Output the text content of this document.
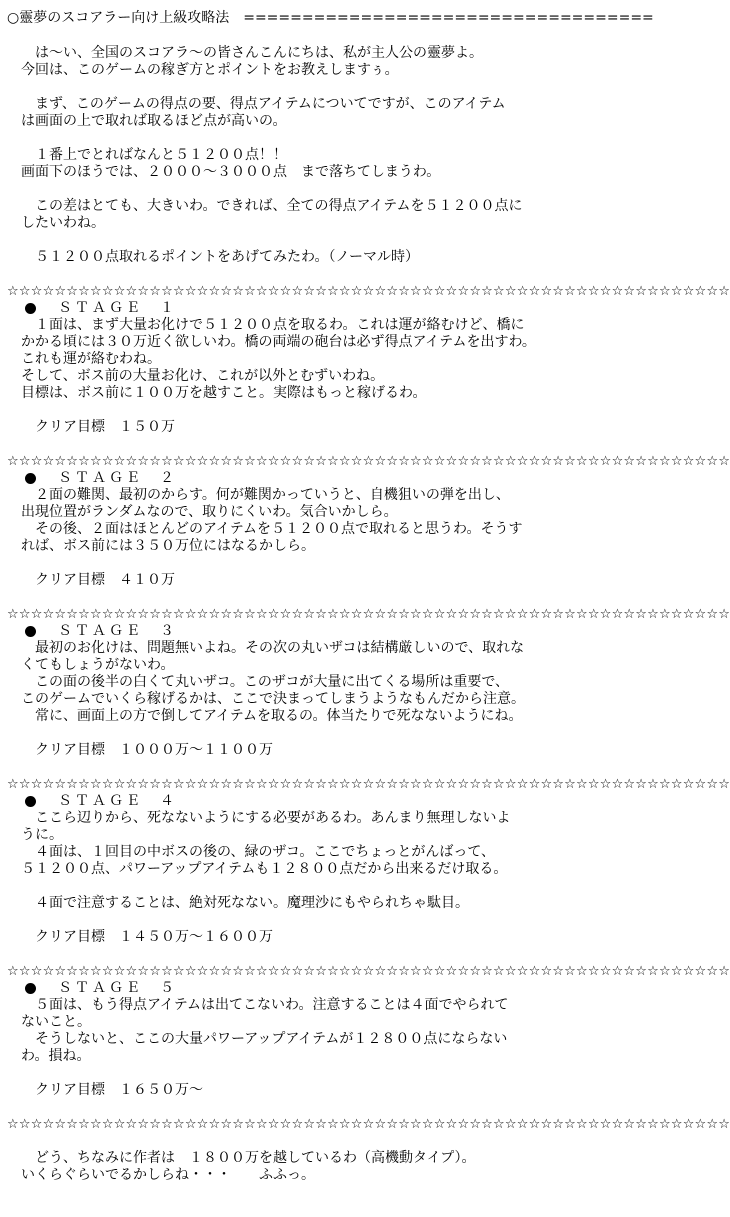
○靈夢のスコアラー向け上級攻略法　===================================
　　は～い、全国のスコアラ～の皆さんこんにちは、私が主人公の靈夢よ。
　今回は、このゲームの稼ぎ方とポイントをお教えしますぅ。
　　まず、このゲームの得点の要、得点アイテムについてですが、このアイテム
　は画面の上で取れば取るほど点が高いの。
　　１番上でとればなんと５１２００点！！
　画面下のほうでは、２０００～３０００点　まで落ちてしまうわ。
　　この差はとても、大きいわ。できれば、全ての得点アイテムを５１２００点に
　したいわね。
　　５１２００点取れるポイントをあげてみたわ。（ノーマル時）
☆☆☆☆☆☆☆☆☆☆☆☆☆☆☆☆☆☆☆☆☆☆☆☆☆☆☆☆☆☆☆☆☆☆☆☆☆☆☆☆☆☆☆☆☆☆☆☆☆☆☆☆☆☆☆☆☆☆☆☆☆
ＳＴＡＧＥ　１
　　１面は、まず大量お化けで５１２００点を取るわ。これは運が絡むけど、橋に
　かかる頃には３０万近く欲しいわ。橋の両端の砲台は必ず得点アイテムを出すわ。
　これも運が絡むわね。
　そして、ボス前の大量お化け、これが以外とむずいわね。
　目標は、ボス前に１００万を越すこと。実際はもっと稼げるわ。
　　クリア目標　１５０万
☆☆☆☆☆☆☆☆☆☆☆☆☆☆☆☆☆☆☆☆☆☆☆☆☆☆☆☆☆☆☆☆☆☆☆☆☆☆☆☆☆☆☆☆☆☆☆☆☆☆☆☆☆☆☆☆☆☆☆☆☆
ＳＴＡＧＥ　２
　　２面の難関、最初のからす。何が難関かっていうと、自機狙いの弾を出し、
　出現位置がランダムなので、取りにくいわ。気合いかしら。
　　その後、２面はほとんどのアイテムを５１２００点で取れると思うわ。そうす
　れば、ボス前には３５０万位にはなるかしら。
　　クリア目標　４１０万
☆☆☆☆☆☆☆☆☆☆☆☆☆☆☆☆☆☆☆☆☆☆☆☆☆☆☆☆☆☆☆☆☆☆☆☆☆☆☆☆☆☆☆☆☆☆☆☆☆☆☆☆☆☆☆☆☆☆☆☆☆
ＳＴＡＧＥ　３
　　最初のお化けは、問題無いよね。その次の丸いザコは結構厳しいので、取れな
　くてもしょうがないわ。
　　この面の後半の白くて丸いザコ。このザコが大量に出てくる場所は重要で、
　このゲームでいくら稼げるかは、ここで決まってしまうようなもんだから注意。
　　常に、画面上の方で倒してアイテムを取るの。体当たりで死なないようにね。
　　クリア目標　１０００万～１１００万
☆☆☆☆☆☆☆☆☆☆☆☆☆☆☆☆☆☆☆☆☆☆☆☆☆☆☆☆☆☆☆☆☆☆☆☆☆☆☆☆☆☆☆☆☆☆☆☆☆☆☆☆☆☆☆☆☆☆☆☆☆
ＳＴＡＧＥ　４
　　ここら辺りから、死なないようにする必要があるわ。あんまり無理しないよ
　うに。
　　４面は、１回目の中ボスの後の、緑のザコ。ここでちょっとがんばって、
　５１２００点、パワーアップアイテムも１２８００点だから出来るだけ取る。
　　４面で注意することは、絶対死なない。魔理沙にもやられちゃ駄目。
　　クリア目標　１４５０万～１６００万
☆☆☆☆☆☆☆☆☆☆☆☆☆☆☆☆☆☆☆☆☆☆☆☆☆☆☆☆☆☆☆☆☆☆☆☆☆☆☆☆☆☆☆☆☆☆☆☆☆☆☆☆☆☆☆☆☆☆☆☆☆
ＳＴＡＧＥ　５
　　５面は、もう得点アイテムは出てこないわ。注意することは４面でやられて
　ないこと。
　　そうしないと、ここの大量パワーアップアイテムが１２８００点にならない
　わ。損ね。
　　クリア目標　１６５０万～
☆☆☆☆☆☆☆☆☆☆☆☆☆☆☆☆☆☆☆☆☆☆☆☆☆☆☆☆☆☆☆☆☆☆☆☆☆☆☆☆☆☆☆☆☆☆☆☆☆☆☆☆☆☆☆☆☆☆☆☆☆
　　どう、ちなみに作者は　１８００万を越しているわ（高機動タイプ）。
　いくらぐらいでるかしらね・・・　　ふふっ。
